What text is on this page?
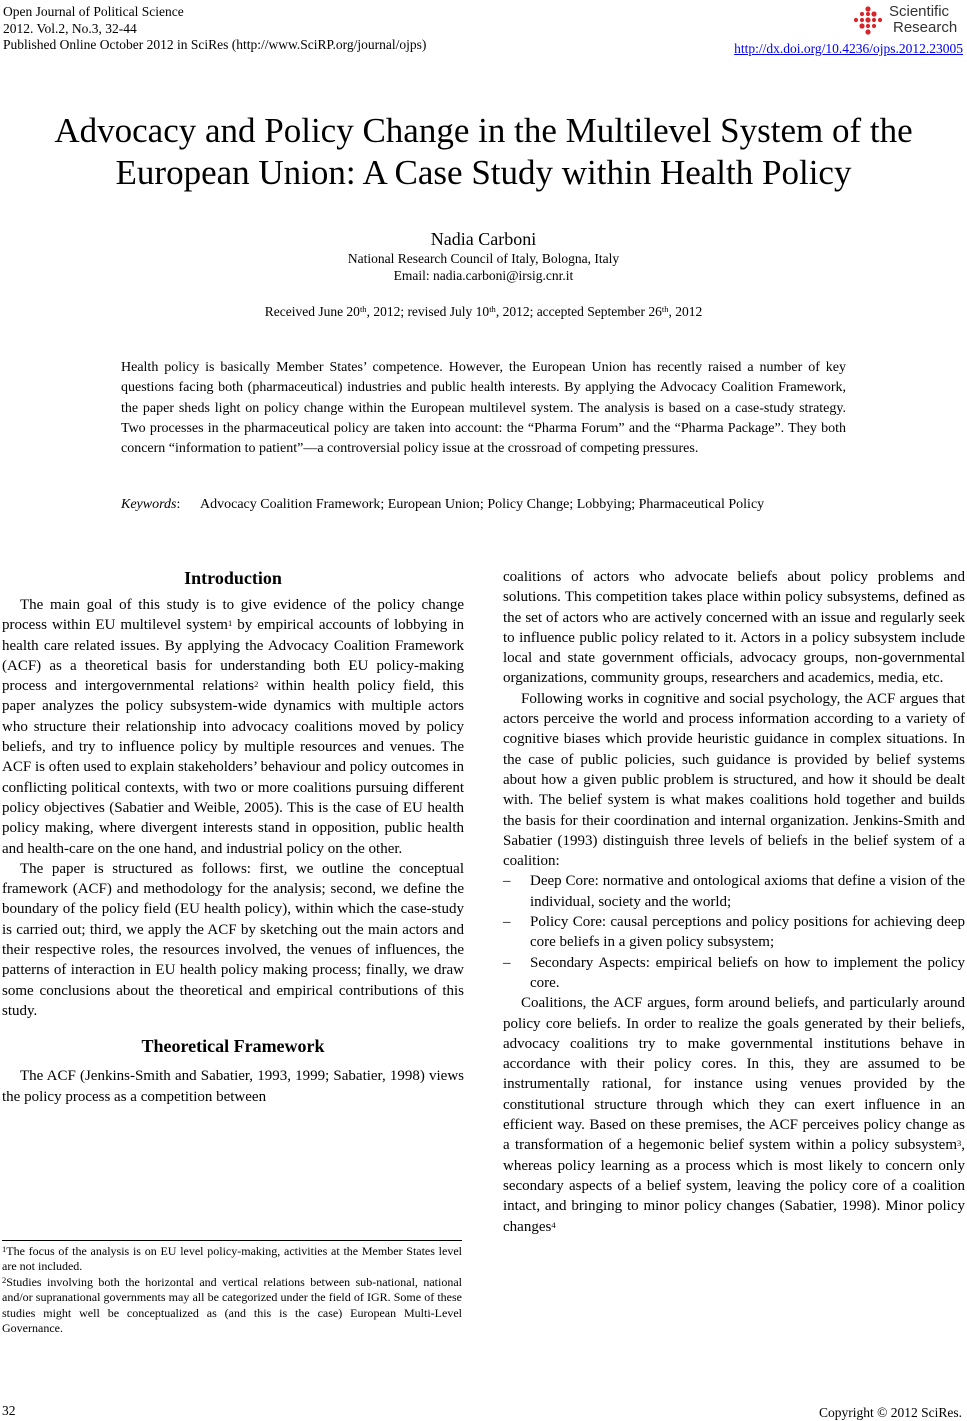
Open Journal of Political Science
2012. Vol.2, No.3, 32-44
Published Online October 2012 in SciRes (http://www.SciRP.org/journal/ojps)	http://dx.doi.org/10.4236/ojps.2012.23005
Scientific
Research
Advocacy and Policy Change in the Multilevel System of the
European Union: A Case Study within Health Policy
Nadia Carboni
National Research Council of Italy, Bologna, Italy
Email: nadia.carboni@irsig.cnr.it
Received June 20th, 2012; revised July 10th, 2012; accepted September 26th, 2012
Health policy is basically Member States’ competence. However, the European Union has recently raised a number of key questions facing both (pharmaceutical) industries and public health interests. By applying the Advocacy Coalition Framework, the paper sheds light on policy change within the European multilevel system. The analysis is based on a case-study strategy. Two processes in the pharmaceutical policy are taken into account: the “Pharma Forum” and the “Pharma Package”. They both concern “information to patient”—a controversial policy issue at the crossroad of competing pressures.
Keywords: Advocacy Coalition Framework; European Union; Policy Change; Lobbying; Pharmaceutical Policy
Introduction

The main goal of this study is to give evidence of the policy change process within EU multilevel system$^1$ by empirical accounts of lobbying in health care related issues. By applying the Advocacy Coalition Framework (ACF) as a theoretical basis for understanding both EU policy-making process and intergovernmental relations$^2$ within health policy field, this paper analyzes the policy subsystem-wide dynamics with multiple actors who structure their relationship into advocacy coalitions moved by policy beliefs, and try to influence policy by multiple resources and venues. The ACF is often used to explain stakeholders’ behaviour and policy outcomes in conflicting political contexts, with two or more coalitions pursuing different policy objectives (Sabatier and Weible, 2005). This is the case of EU health policy making, where divergent interests stand in opposition, public health and health-care on the one hand, and industrial policy on the other.

The paper is structured as follows: first, we outline the conceptual framework (ACF) and methodology for the analysis; second, we define the boundary of the policy field (EU health policy), within which the case-study is carried out; third, we apply the ACF by sketching out the main actors and their respective roles, the resources involved, the venues of influences, the patterns of interaction in EU health policy making process; finally, we draw some conclusions about the theoretical and empirical contributions of this study.

Theoretical Framework

The ACF (Jenkins-Smith and Sabatier, 1993, 1999; Sabatier, 1998) views the policy process as a competition between

$^1$The focus of the analysis is on EU level policy-making, activities at the Member States level are not included.
$^2$Studies involving both the horizontal and vertical relations between sub-national, national and/or supranational governments may all be categorized under the field of IGR. Some of these studies might well be conceptualized as (and this is the case) European Multi-Level Governance.

coalitions of actors who advocate beliefs about policy problems and solutions. This competition takes place within policy subsystems, defined as the set of actors who are actively concerned with an issue and regularly seek to influence public policy related to it. Actors in a policy subsystem include local and state government officials, advocacy groups, non-governmental organizations, community groups, researchers and academics, media, etc.

Following works in cognitive and social psychology, the ACF argues that actors perceive the world and process information according to a variety of cognitive biases which provide heuristic guidance in complex situations. In the case of public policies, such guidance is provided by belief systems about how a given public problem is structured, and how it should be dealt with. The belief system is what makes coalitions hold together and builds the basis for their coordination and internal organization. Jenkins-Smith and Sabatier (1993) distinguish three levels of beliefs in the belief system of a coalition:

– Deep Core: normative and ontological axioms that define a vision of the individual, society and the world;
– Policy Core: causal perceptions and policy positions for achieving deep core beliefs in a given policy subsystem;
– Secondary Aspects: empirical beliefs on how to implement the policy core.

Coalitions, the ACF argues, form around beliefs, and particularly around policy core beliefs. In order to realize the goals generated by their beliefs, advocacy coalitions try to make governmental institutions behave in accordance with their policy cores. In this, they are assumed to be instrumentally rational, for instance using venues provided by the constitutional structure through which they can exert influence in an efficient way. Based on these premises, the ACF perceives policy change as a transformation of a hegemonic belief system within a policy subsystem$^3$, whereas policy learning as a process which is most likely to concern only secondary aspects of a belief system, leaving the policy core of a coalition intact, and bringing to minor policy changes (Sabatier, 1998). Minor policy changes$^4$

32	Copyright © 2012 SciRes.
